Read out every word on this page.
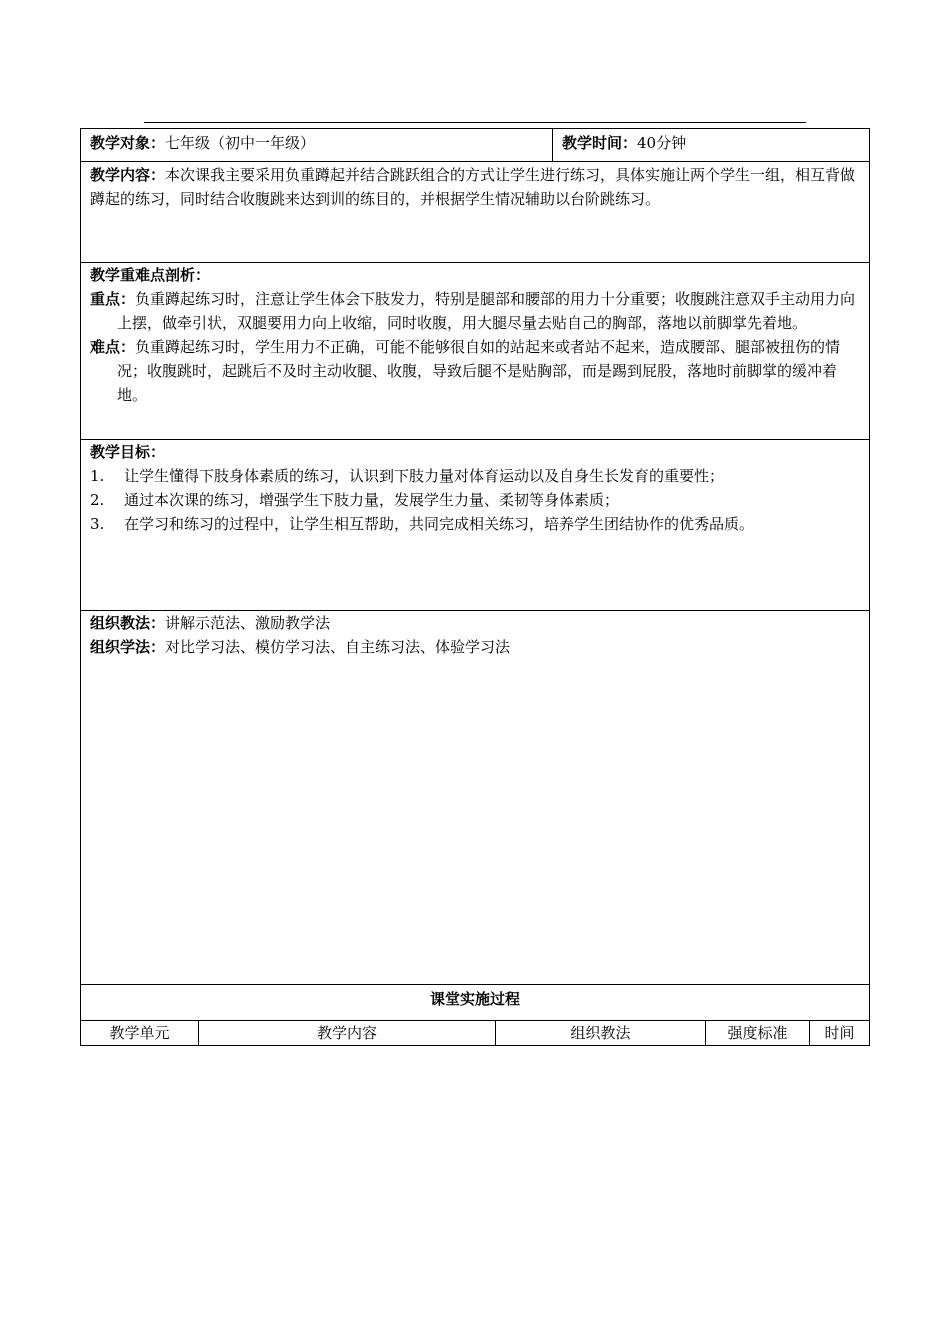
教学对象：七年级（初中一年级）	教学时间：40分钟

教学内容：本次课我主要采用负重蹲起并结合跳跃组合的方式让学生进行练习，具体实施让两个学生一组，相互背做蹲起的练习，同时结合收腹跳来达到训的练目的，并根据学生情况辅助以台阶跳练习。

教学重难点剖析：

重点：负重蹲起练习时，注意让学生体会下肢发力，特别是腿部和腰部的用力十分重要；收腹跳注意双手主动用力向上摆，做牵引状，双腿要用力向上收缩，同时收腹，用大腿尽量去贴自己的胸部，落地以前脚掌先着地。

难点：负重蹲起练习时，学生用力不正确，可能不能够很自如的站起来或者站不起来，造成腰部、腿部被扭伤的情况；收腹跳时，起跳后不及时主动收腿、收腹，导致后腿不是贴胸部，而是踢到屁股，落地时前脚掌的缓冲着地。

教学目标：

1.	让学生懂得下肢身体素质的练习，认识到下肢力量对体育运动以及自身生长发育的重要性；
2.	通过本次课的练习，增强学生下肢力量，发展学生力量、柔韧等身体素质；
3.	在学习和练习的过程中，让学生相互帮助，共同完成相关练习，培养学生团结协作的优秀品质。

组织教法：讲解示范法、激励教学法

组织学法：对比学习法、模仿学习法、自主练习法、体验学习法

课堂实施过程
教学单元	教学内容	组织教法	强度标准	时间
